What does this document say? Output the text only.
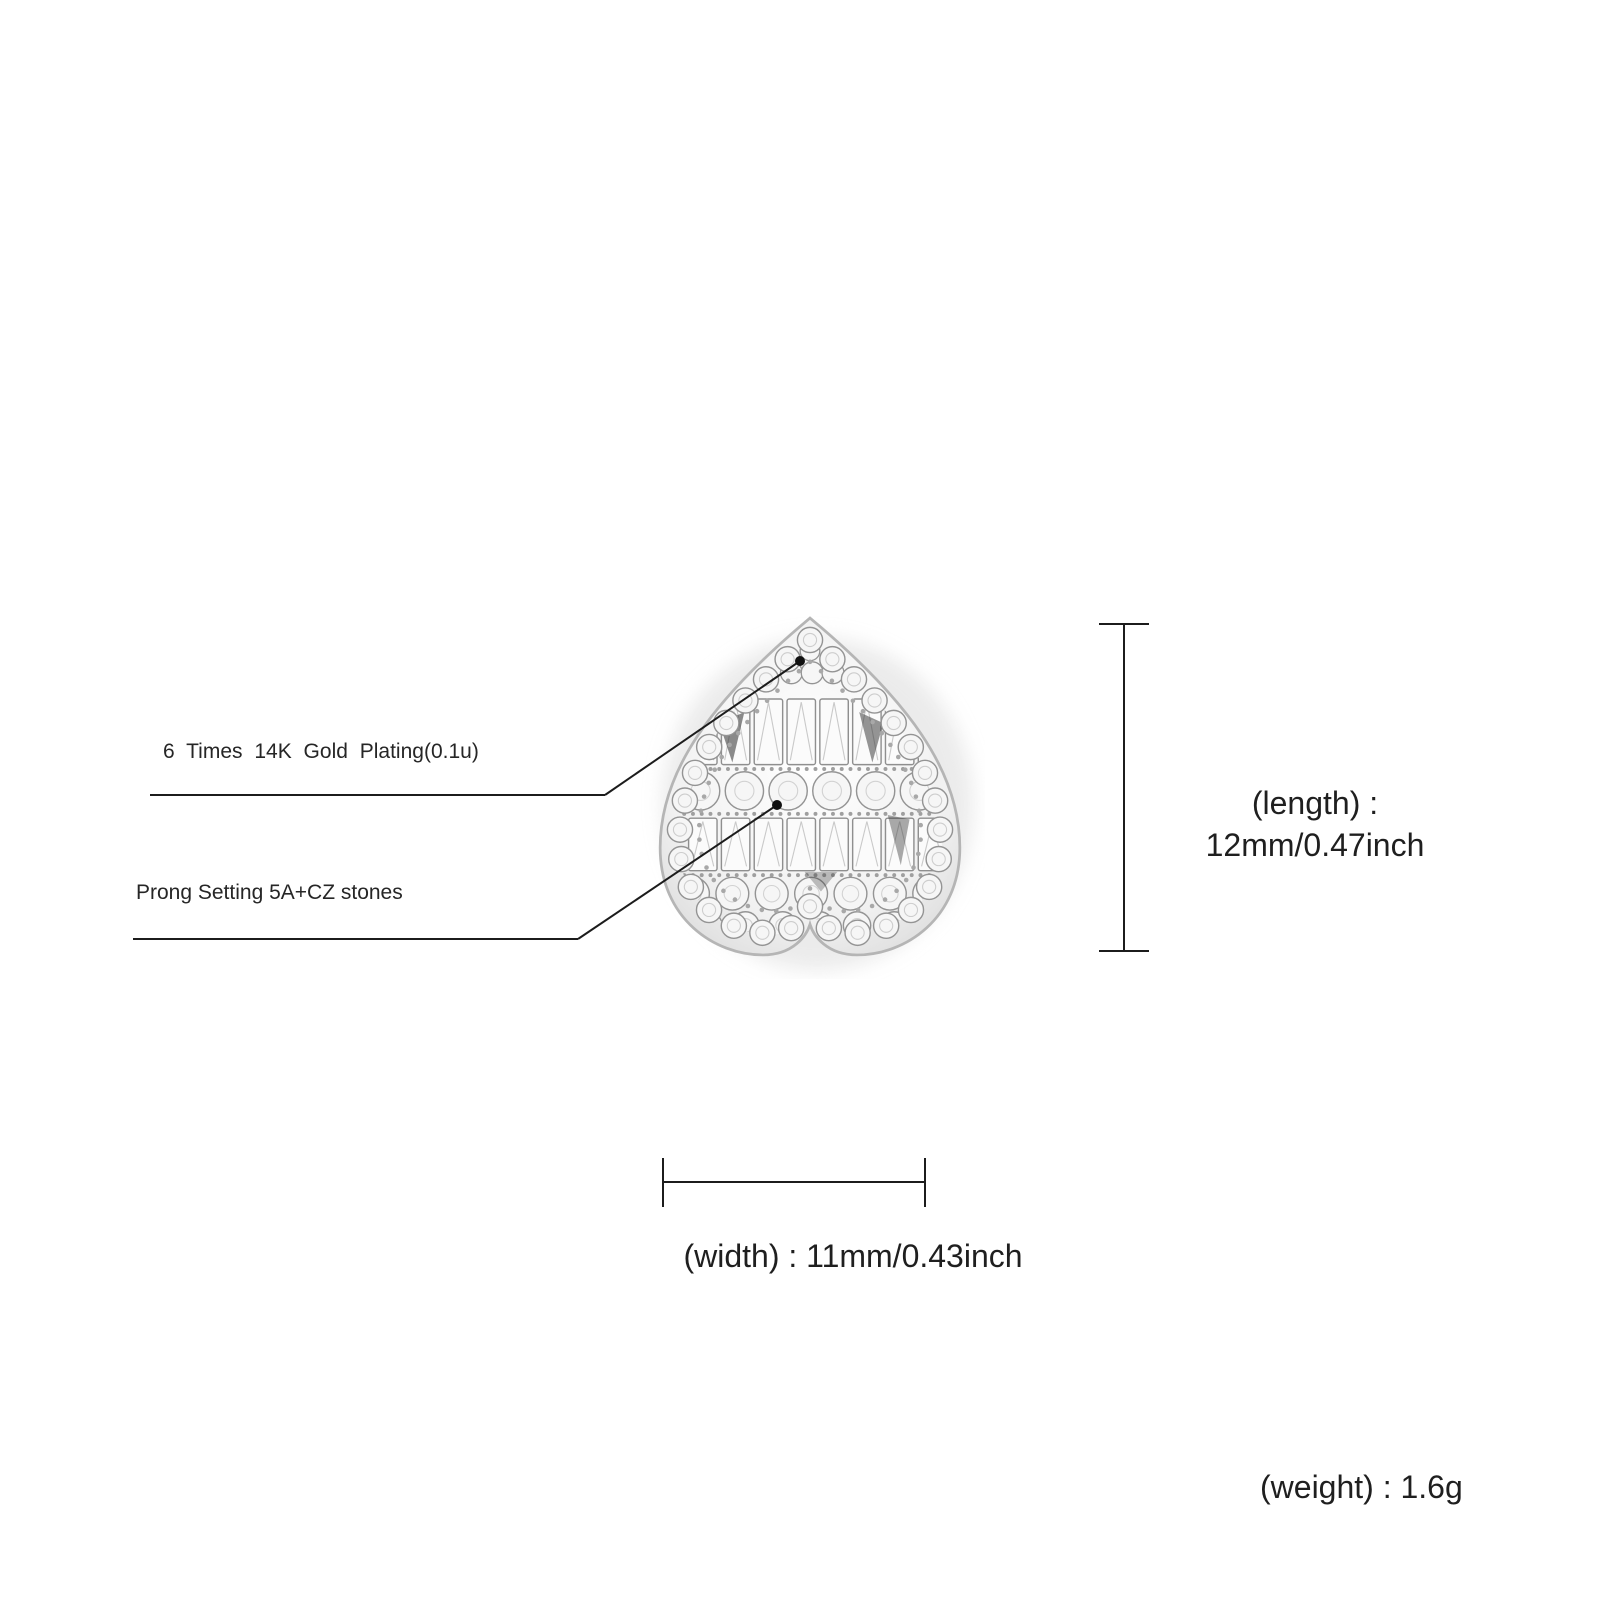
6 Times 14K Gold Plating(0.1u)
Prong Setting 5A+CZ stones
(length) :
12mm/0.47inch
(width) : 11mm/0.43inch
(weight) : 1.6g
